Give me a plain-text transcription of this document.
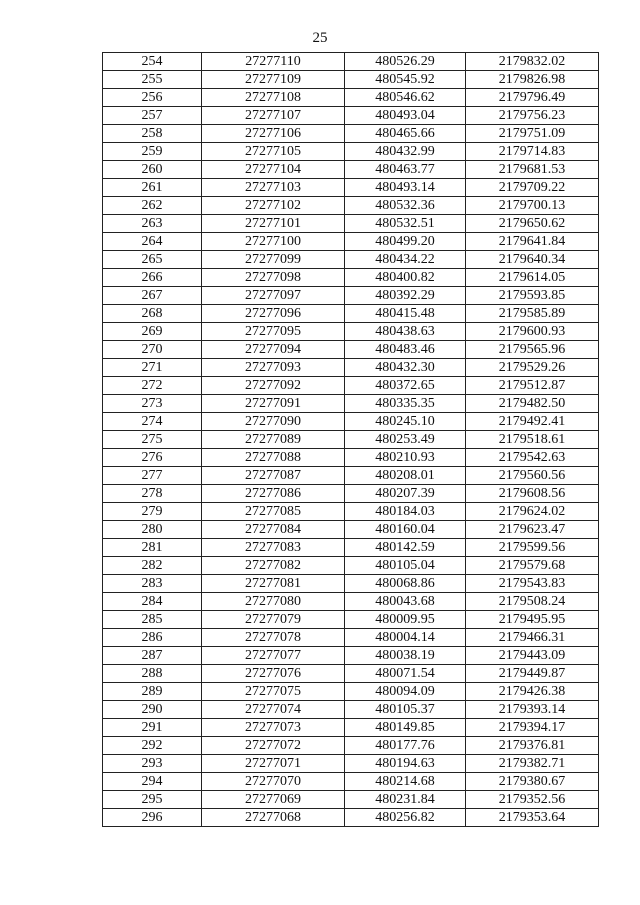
25
254	27277110	480526.29	2179832.02
255	27277109	480545.92	2179826.98
256	27277108	480546.62	2179796.49
257	27277107	480493.04	2179756.23
258	27277106	480465.66	2179751.09
259	27277105	480432.99	2179714.83
260	27277104	480463.77	2179681.53
261	27277103	480493.14	2179709.22
262	27277102	480532.36	2179700.13
263	27277101	480532.51	2179650.62
264	27277100	480499.20	2179641.84
265	27277099	480434.22	2179640.34
266	27277098	480400.82	2179614.05
267	27277097	480392.29	2179593.85
268	27277096	480415.48	2179585.89
269	27277095	480438.63	2179600.93
270	27277094	480483.46	2179565.96
271	27277093	480432.30	2179529.26
272	27277092	480372.65	2179512.87
273	27277091	480335.35	2179482.50
274	27277090	480245.10	2179492.41
275	27277089	480253.49	2179518.61
276	27277088	480210.93	2179542.63
277	27277087	480208.01	2179560.56
278	27277086	480207.39	2179608.56
279	27277085	480184.03	2179624.02
280	27277084	480160.04	2179623.47
281	27277083	480142.59	2179599.56
282	27277082	480105.04	2179579.68
283	27277081	480068.86	2179543.83
284	27277080	480043.68	2179508.24
285	27277079	480009.95	2179495.95
286	27277078	480004.14	2179466.31
287	27277077	480038.19	2179443.09
288	27277076	480071.54	2179449.87
289	27277075	480094.09	2179426.38
290	27277074	480105.37	2179393.14
291	27277073	480149.85	2179394.17
292	27277072	480177.76	2179376.81
293	27277071	480194.63	2179382.71
294	27277070	480214.68	2179380.67
295	27277069	480231.84	2179352.56
296	27277068	480256.82	2179353.64
